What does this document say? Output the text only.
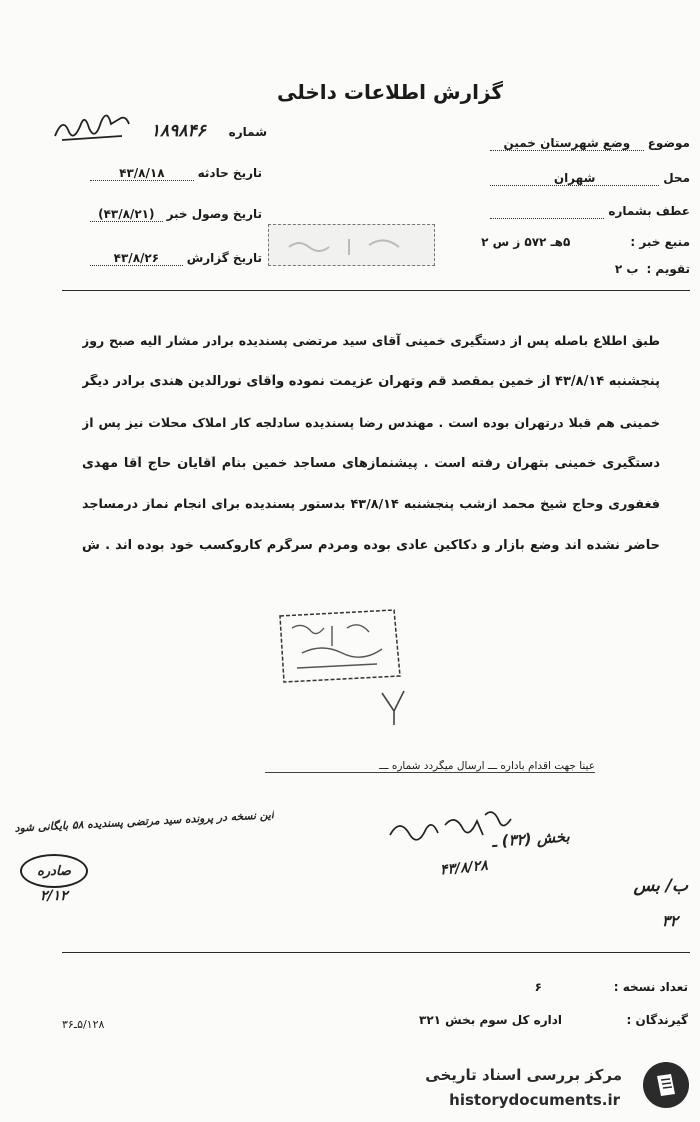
گزارش اطلاعات داخلی
موضوع
وضع شهرستان خمین
محل
شهران
عطف بشماره

منبع خبر :
۵هـ ۵۷۲ ز س ۲
تقویم :
ب ۲
شماره
۱۸۹۸۴۶
تاریخ حادثه
۴۳/۸/۱۸
تاریخ وصول خبر
(۴۳/۸/۲۱)
تاریخ گزارش
۴۳/۸/۲۶
طبق اطلاع باصله پس از دستگیری خمینی آقای سید مرتضی پسندیده برادر مشار الیه صبح روز
پنجشنبه ۴۳/۸/۱۴ از خمین بمقصد قم وتهران عزیمت نموده وآقای نورالدین هندی برادر دیگر
خمینی هم قبلا درتهران بوده است . مهندس رضا پسندیده سادلجه کار املاک محلات نیز پس از
دستگیری خمینی بتهران رفته است . پیشنمازهای مساجد خمین بنام آقایان حاج آقا مهدی
فغفوری وحاج شیخ محمد ازشب پنجشنبه ۴۳/۸/۱۴ بدستور پسندیده برای انجام نماز درمساجد
حاضر نشده اند وضع بازار و دکاکین عادی بوده ومردم سرگرم کاروکسب خود بوده اند . ش
عینا جهت اقدام باداره ـــ ارسال میگردد شماره ـــ
این نسخه در پرونده سید مرتضی پسندیده ۵۸ بایگانی شود
صادره
۲/۱۲
بخش (۳۲) ـ
۴۳/۸/۲۸
ب/ بس
۳۲
تعداد نسخه :
۶
گیرندگان :
اداره کل سوم بخش ۳۲۱
۵/۱۲۸ـ۳۶
مرکز بررسی اسناد تاریخی
historydocuments.ir
